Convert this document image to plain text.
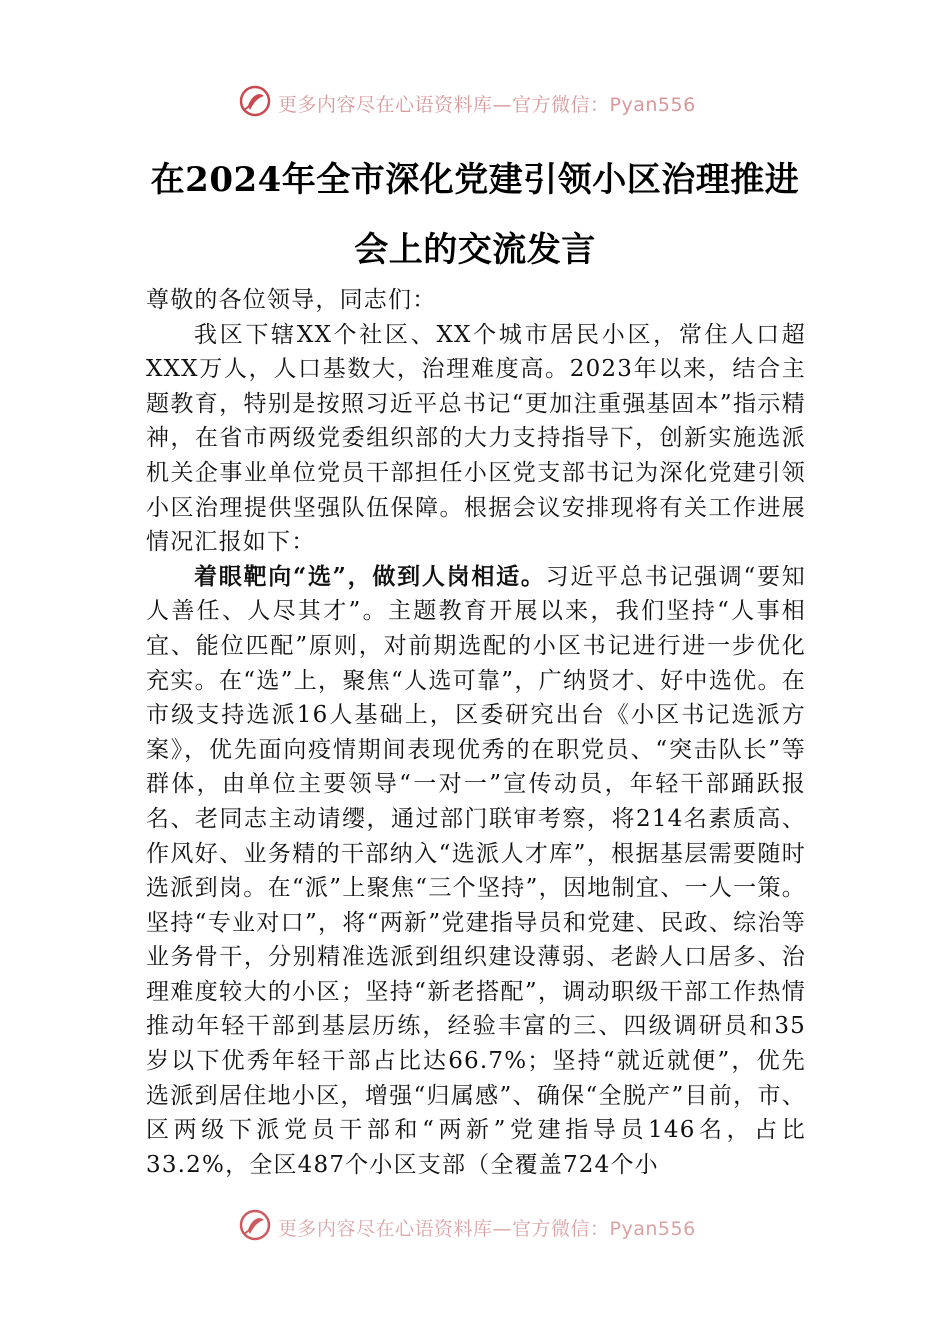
更多内容尽在心语资料库—官方微信：Pyan556
在2024年全市深化党建引领小区治理推进
会上的交流发言

尊敬的各位领导，同志们：

我区下辖XX个社区、XX个城市居民小区，常住人口超XXX万人，人口基数大，治理难度高。2023年以来，结合主题教育，特别是按照习近平总书记“更加注重强基固本”指示精神，在省市两级党委组织部的大力支持指导下，创新实施选派机关企事业单位党员干部担任小区党支部书记为深化党建引领小区治理提供坚强队伍保障。根据会议安排现将有关工作进展情况汇报如下：

着眼靶向“选”，做到人岗相适。习近平总书记强调“要知人善任、人尽其才”。主题教育开展以来，我们坚持“人事相宜、能位匹配”原则，对前期选配的小区书记进行进一步优化充实。在“选”上，聚焦“人选可靠”，广纳贤才、好中选优。在市级支持选派16人基础上，区委研究出台《小区书记选派方案》，优先面向疫情期间表现优秀的在职党员、“突击队长”等群体，由单位主要领导“一对一”宣传动员，年轻干部踊跃报名、老同志主动请缨，通过部门联审考察，将214名素质高、作风好、业务精的干部纳入“选派人才库”，根据基层需要随时选派到岗。在“派”上聚焦“三个坚持”，因地制宜、一人一策。坚持“专业对口”，将“两新”党建指导员和党建、民政、综治等业务骨干，分别精准选派到组织建设薄弱、老龄人口居多、治理难度较大的小区；坚持“新老搭配”，调动职级干部工作热情推动年轻干部到基层历练，经验丰富的三、四级调研员和35岁以下优秀年轻干部占比达66.7%；坚持“就近就便”，优先选派到居住地小区，增强“归属感”、确保“全脱产”目前，市、区两级下派党员干部和“两新”党建指导员146名，占比33.2%，全区487个小区支部（全覆盖724个小

更多内容尽在心语资料库—官方微信：Pyan556
